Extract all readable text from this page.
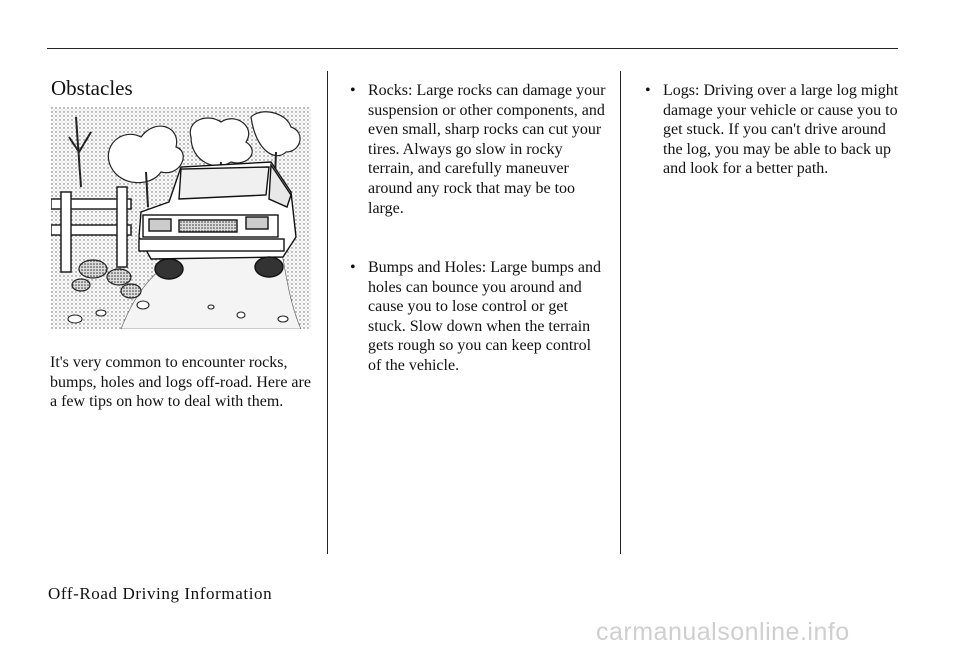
Obstacles

It's very common to encounter rocks, bumps, holes and logs off-road. Here are a few tips on how to deal with them.

• Rocks: Large rocks can damage your suspension or other components, and even small, sharp rocks can cut your tires. Always go slow in rocky terrain, and carefully maneuver around any rock that may be too large.

• Bumps and Holes: Large bumps and holes can bounce you around and cause you to lose control or get stuck. Slow down when the terrain gets rough so you can keep control of the vehicle.

• Logs: Driving over a large log might damage your vehicle or cause you to get stuck. If you can't drive around the log, you may be able to back up and look for a better path.

Off-Road Driving Information

carmanualsonline.info
